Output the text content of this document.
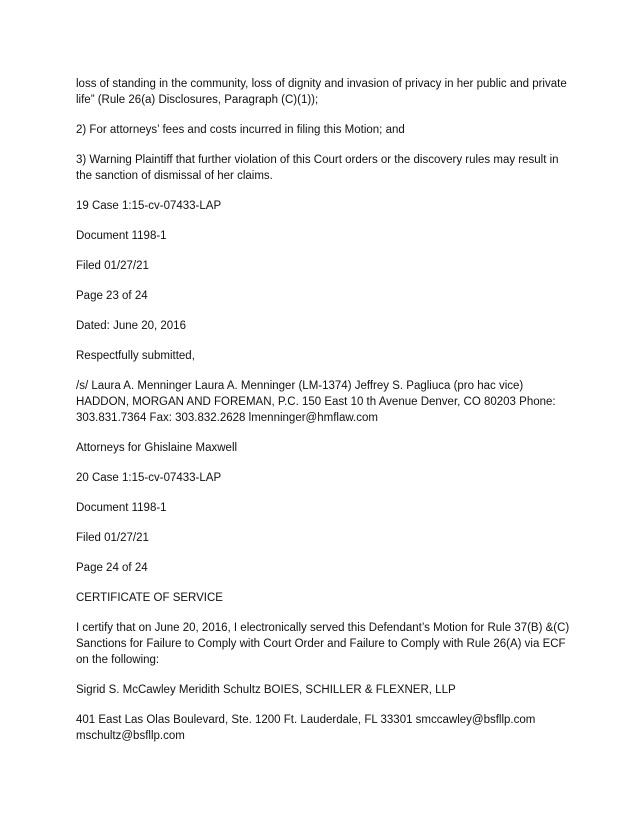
loss of standing in the community, loss of dignity and invasion of privacy in her public and private life” (Rule 26(a) Disclosures, Paragraph (C)(1));

2) For attorneys’ fees and costs incurred in filing this Motion; and

3) Warning Plaintiff that further violation of this Court orders or the discovery rules may result in the sanction of dismissal of her claims.

19 Case 1:15-cv-07433-LAP

Document 1198-1

Filed 01/27/21

Page 23 of 24

Dated: June 20, 2016

Respectfully submitted,

/s/ Laura A. Menninger Laura A. Menninger (LM-1374) Jeffrey S. Pagliuca (pro hac vice) HADDON, MORGAN AND FOREMAN, P.C. 150 East 10 th Avenue Denver, CO 80203 Phone: 303.831.7364 Fax: 303.832.2628 lmenninger@hmflaw.com

Attorneys for Ghislaine Maxwell

20 Case 1:15-cv-07433-LAP

Document 1198-1

Filed 01/27/21

Page 24 of 24

CERTIFICATE OF SERVICE

I certify that on June 20, 2016, I electronically served this Defendant’s Motion for Rule 37(B) &(C) Sanctions for Failure to Comply with Court Order and Failure to Comply with Rule 26(A) via ECF on the following:

Sigrid S. McCawley Meridith Schultz BOIES, SCHILLER & FLEXNER, LLP

401 East Las Olas Boulevard, Ste. 1200 Ft. Lauderdale, FL 33301 smccawley@bsfllp.com mschultz@bsfllp.com
